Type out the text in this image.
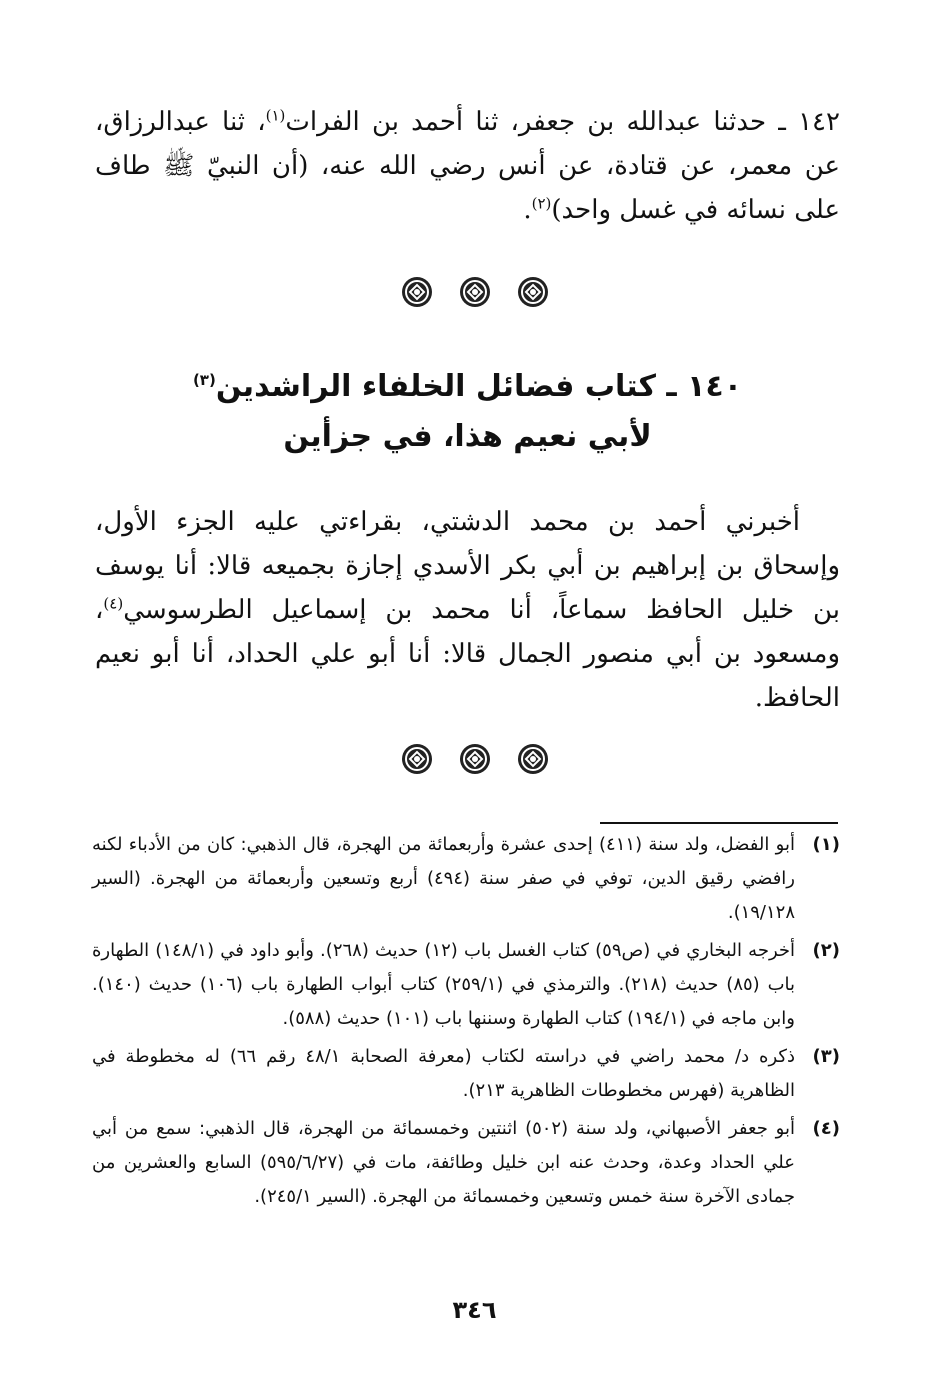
١٤٢ ـ حدثنا عبدالله بن جعفر، ثنا أحمد بن الفرات$^{(١)}$، ثنا عبدالرزاق، عن معمر، عن قتادة، عن أنس رضي الله عنه، (أن النبيّ ﷺ طاف على نسائه في غسل واحد)$^{(٢)}$.

١٤٠ ـ كتاب فضائل الخلفاء الراشدين$^{(٣)}$
لأبي نعيم هذا، في جزأين

أخبرني أحمد بن محمد الدشتي، بقراءتي عليه الجزء الأول، وإسحاق بن إبراهيم بن أبي بكر الأسدي إجازة بجميعه قالا: أنا يوسف بن خليل الحافظ سماعاً، أنا محمد بن إسماعيل الطرسوسي$^{(٤)}$، ومسعود بن أبي منصور الجمال قالا: أنا أبو علي الحداد، أنا أبو نعيم الحافظ.

(١)
أبو الفضل، ولد سنة (٤١١) إحدى عشرة وأربعمائة من الهجرة، قال الذهبي: كان من الأدباء لكنه رافضي رقيق الدين، توفي في صفر سنة (٤٩٤) أربع وتسعين وأربعمائة من الهجرة. (السير ١٩/١٢٨).
(٢)
أخرجه البخاري في (ص٥٩) كتاب الغسل باب (١٢) حديث (٢٦٨). وأبو داود في (١٤٨/١) الطهارة باب (٨٥) حديث (٢١٨). والترمذي في (٢٥٩/١) كتاب أبواب الطهارة باب (١٠٦) حديث (١٤٠). وابن ماجه في (١٩٤/١) كتاب الطهارة وسننها باب (١٠١) حديث (٥٨٨).
(٣)
ذكره د/ محمد راضي في دراسته لكتاب (معرفة الصحابة ٤٨/١ رقم ٦٦) له مخطوطة في الظاهرية (فهرس مخطوطات الظاهرية ٢١٣).
(٤)
أبو جعفر الأصبهاني، ولد سنة (٥٠٢) اثنتين وخمسمائة من الهجرة، قال الذهبي: سمع من أبي علي الحداد وعدة، وحدث عنه ابن خليل وطائفة، مات في (٥٩٥/٦/٢٧) السابع والعشرين من جمادى الآخرة سنة خمس وتسعين وخمسمائة من الهجرة. (السير ٢٤٥/١).
٣٤٦
